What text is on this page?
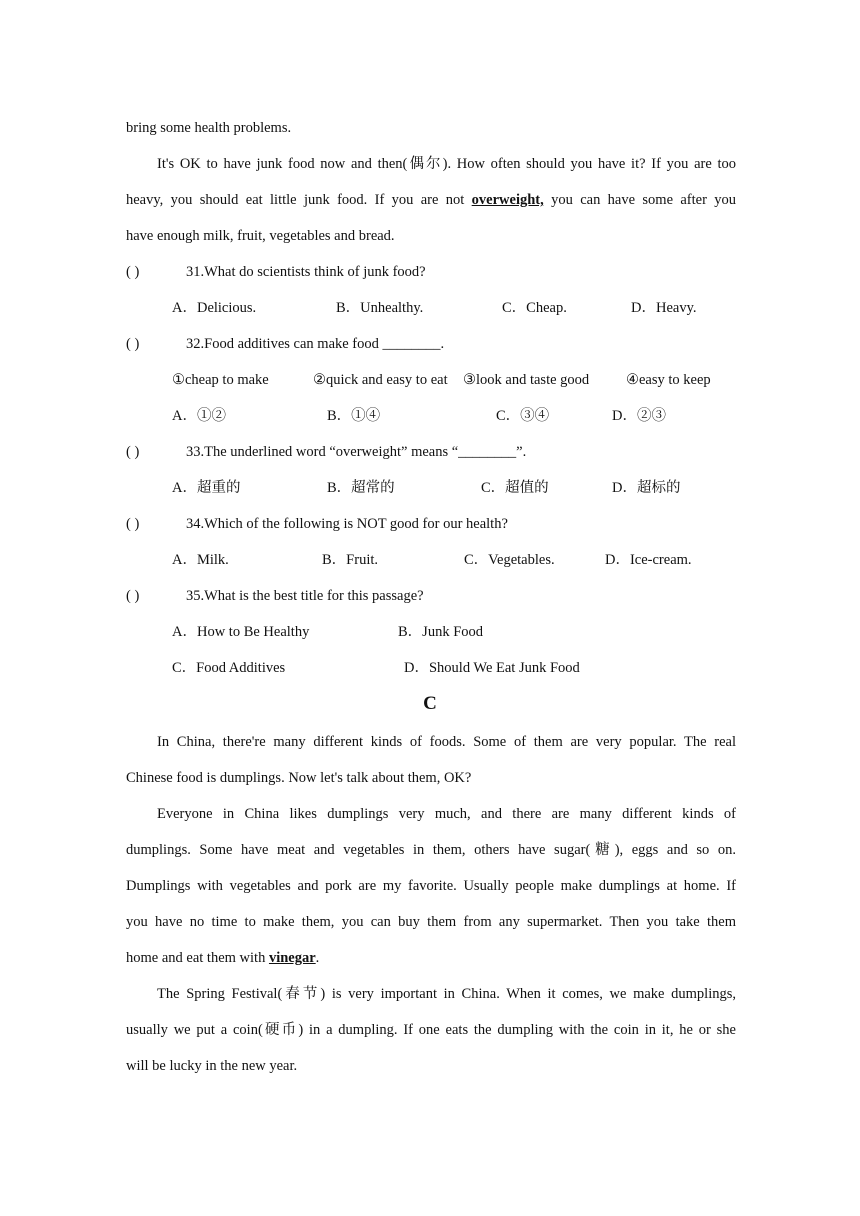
bring some health problems.
It's OK to have junk food now and then(偶尔). How often should you have it? If you are too
heavy, you should eat little junk food. If you are not overweight, you can have some after you
have enough milk, fruit, vegetables and bread.
( )	31.What do scientists think of junk food?
A．Delicious.	B．Unhealthy.	C．Cheap.	D．Heavy.
( )	32.Food additives can make food ________.
①cheap to make	②quick and easy to eat ③look and taste good	④easy to keep
A．①②	B．①④	C．③④	D．②③
( )	33.The underlined word “overweight” means “________”.
A．超重的	B．超常的	C．超值的	D．超标的
( )	34.Which of the following is NOT good for our health?
A．Milk.	B．Fruit.	C．Vegetables.	D．Ice-cream.
( )	35.What is the best title for this passage?
A．How to Be Healthy	B．Junk Food
C．Food Additives	D．Should We Eat Junk Food
C
In China, there're many different kinds of foods. Some of them are very popular. The real
Chinese food is dumplings. Now let's talk about them, OK?
Everyone in China likes dumplings very much, and there are many different kinds of
dumplings. Some have meat and vegetables in them, others have sugar(糖), eggs and so on.
Dumplings with vegetables and pork are my favorite. Usually people make dumplings at home. If
you have no time to make them, you can buy them from any supermarket. Then you take them
home and eat them with vinegar.
The Spring Festival(春节) is very important in China. When it comes, we make dumplings,
usually we put a coin(硬币) in a dumpling. If one eats the dumpling with the coin in it, he or she
will be lucky in the new year.
